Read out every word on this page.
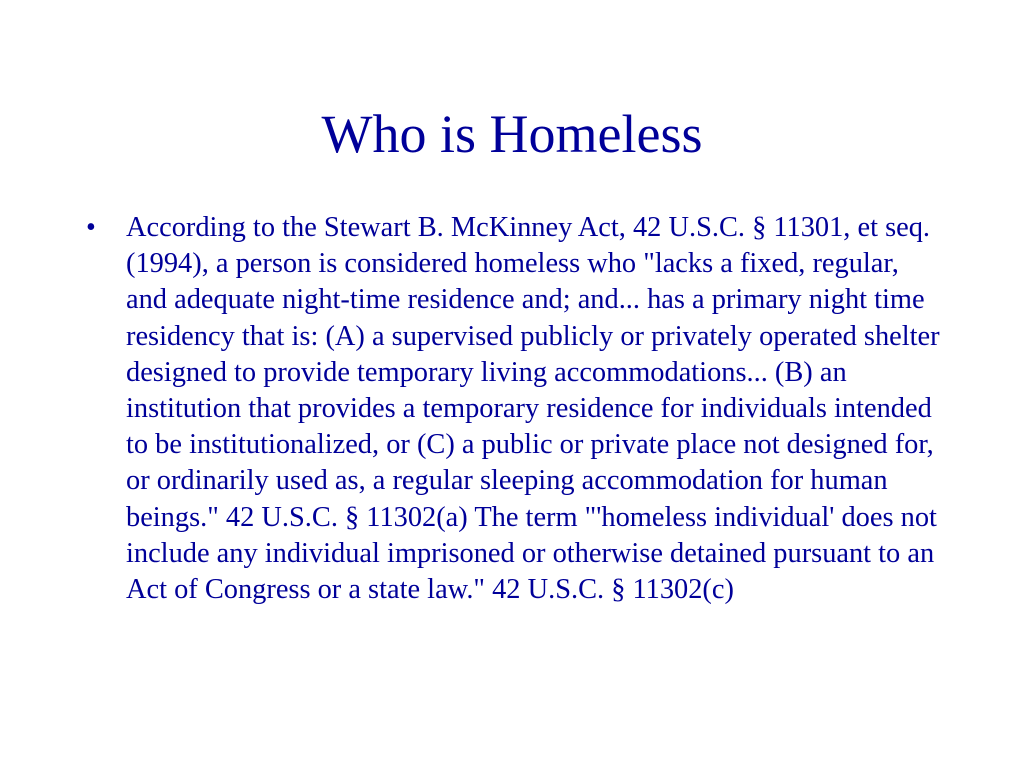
Who is Homeless
• According to the Stewart B. McKinney Act, 42 U.S.C. § 11301, et seq. (1994), a person is considered homeless who "lacks a fixed, regular, and adequate night-time residence and; and... has a primary night time residency that is: (A) a supervised publicly or privately operated shelter designed to provide temporary living accommodations... (B) an institution that provides a temporary residence for individuals intended to be institutionalized, or (C) a public or private place not designed for, or ordinarily used as, a regular sleeping accommodation for human beings." 42 U.S.C. § 11302(a) The term "'homeless individual' does not include any individual imprisoned or otherwise detained pursuant to an Act of Congress or a state law." 42 U.S.C. § 11302(c)
